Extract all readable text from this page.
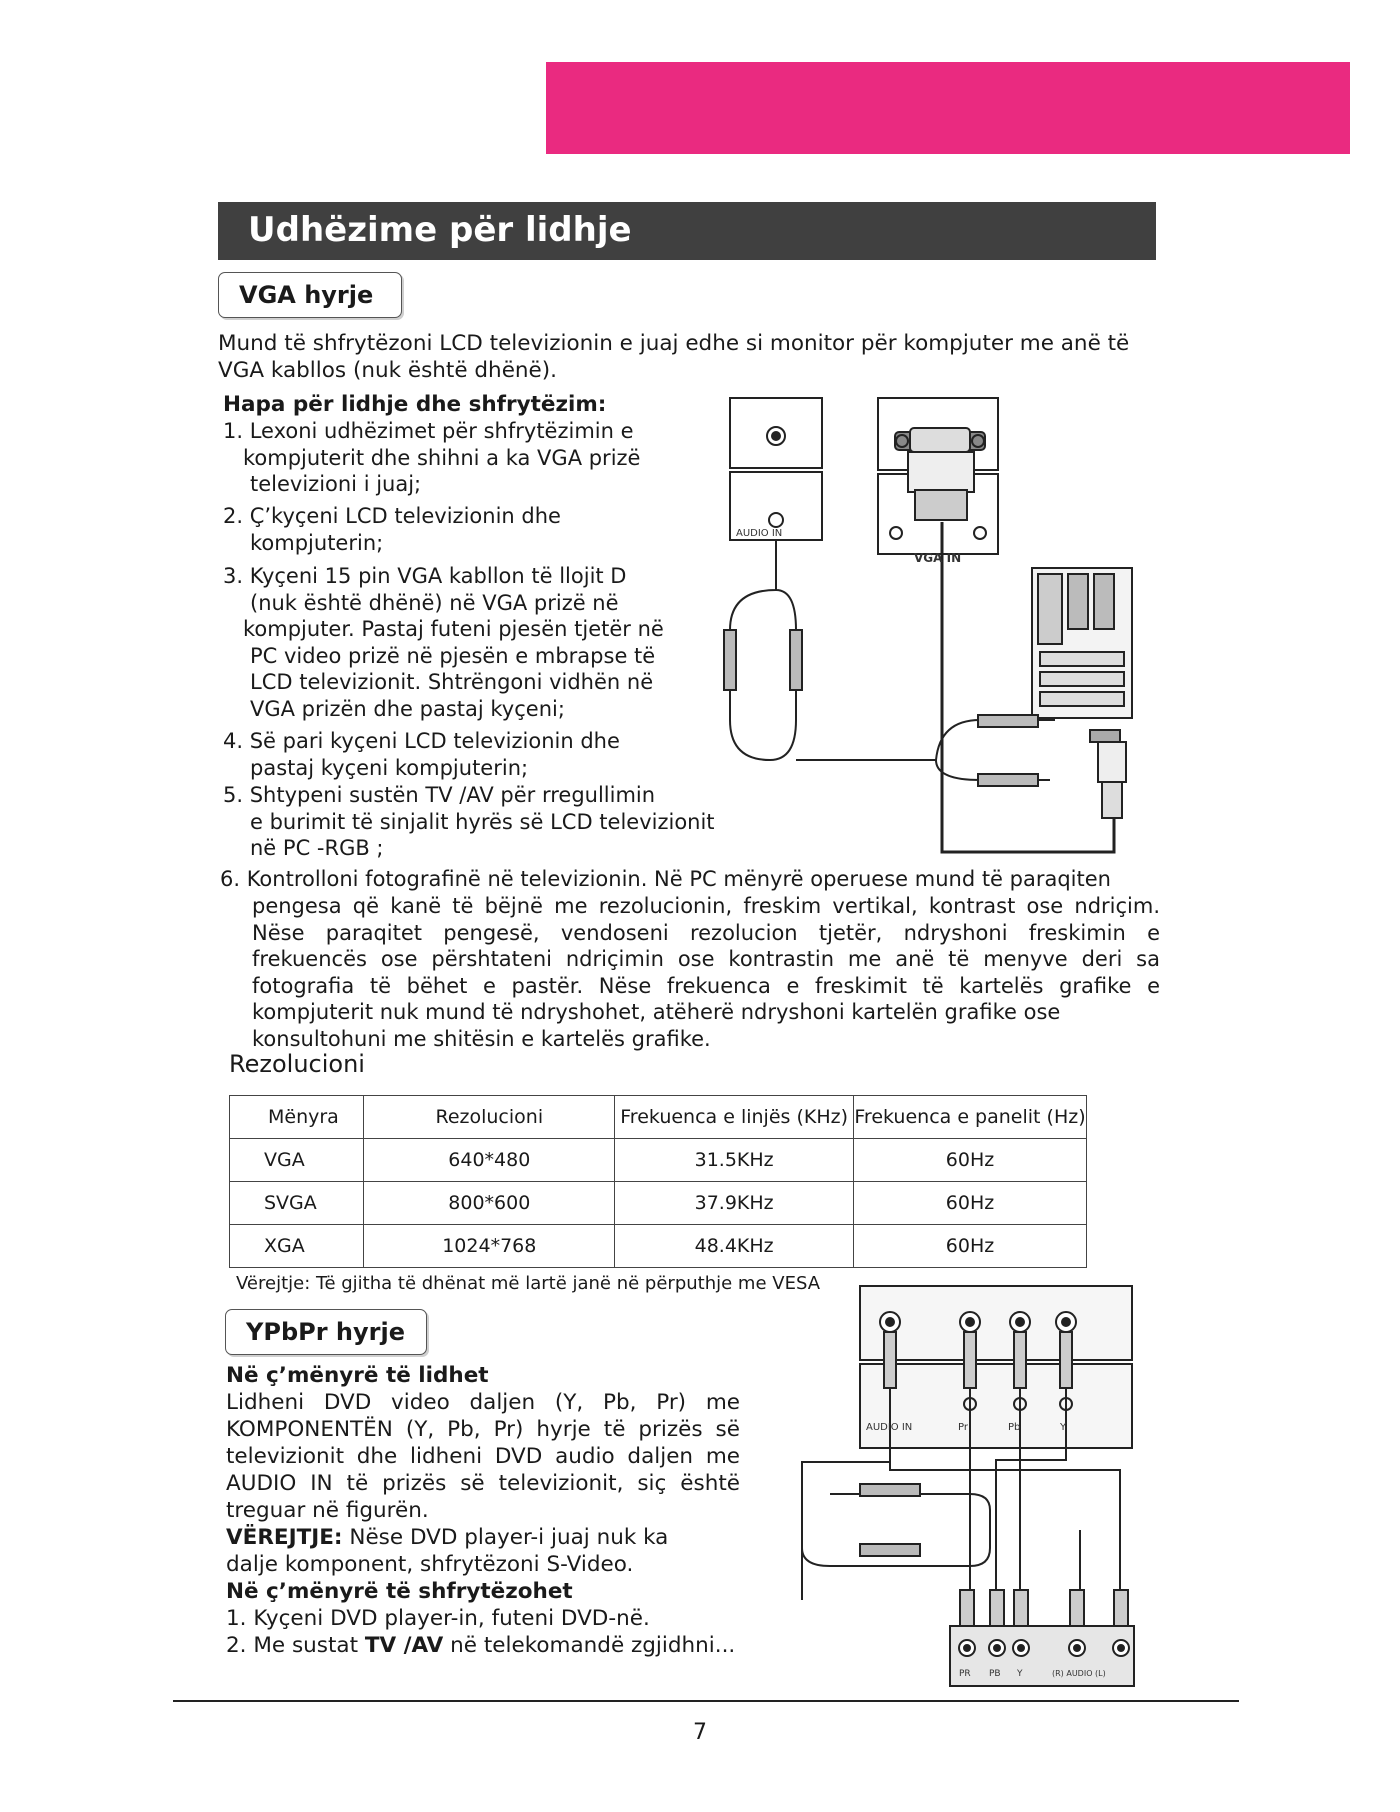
Udhëzime për lidhje
VGA hyrje
Mund të shfrytëzoni LCD televizionin e juaj edhe si monitor për kompjuter me anë të
VGA kabllos (nuk është dhënë).
Hapa për lidhje dhe shfrytëzim:
1. Lexoni udhëzimet për shfrytëzimin e
kompjuterit dhe shihni a ka VGA prizë
televizioni i juaj;
2. Ç’kyçeni LCD televizionin dhe
kompjuterin;
3. Kyçeni 15 pin VGA kabllon të llojit D
(nuk është dhënë) në VGA prizë në
kompjuter. Pastaj futeni pjesën tjetër në
PC video prizë në pjesën e mbrapse të
LCD televizionit. Shtrëngoni vidhën në
VGA prizën dhe pastaj kyçeni;
4. Së pari kyçeni LCD televizionin dhe
pastaj kyçeni kompjuterin;
5. Shtypeni sustën TV /AV për rregullimin
e burimit të sinjalit hyrës së LCD televizionit
në PC -RGB ;
6. Kontrolloni fotografinë në televizionin. Në PC mënyrë operuese mund të paraqiten
pengesa që kanë të bëjnë me rezolucionin, freskim vertikal, kontrast ose ndriçim. Nëse paraqitet pengesë, vendoseni rezolucion tjetër, ndryshoni freskimin e frekuencës ose përshtateni ndriçimin ose kontrastin me anë të menyve deri sa fotografia të bëhet e pastër. Nëse frekuenca e freskimit të kartelës grafike e kompjuterit nuk mund të ndryshohet, atëherë ndryshoni kartelën grafike ose
konsultohuni me shitësin e kartelës grafike.
AUDIO IN
VGA IN
Rezolucioni
Mënyra	Rezolucioni	Frekuenca e linjës (KHz)	Frekuenca e panelit (Hz)
VGA	640*480	31.5KHz	60Hz
SVGA	800*600	37.9KHz	60Hz
XGA	1024*768	48.4KHz	60Hz
Vërejtje: Të gjitha të dhënat më lartë janë në përputhje me VESA
YPbPr hyrje
Në ç’mënyrë të lidhet
Lidheni DVD video daljen (Y, Pb, Pr) me
KOMPONENTËN (Y, Pb, Pr) hyrje të prizës së
televizionit dhe lidheni DVD audio daljen me
AUDIO IN të prizës së televizionit, siç është
treguar në figurën.
VËREJTJE: Nëse DVD player-i juaj nuk ka
dalje komponent, shfrytëzoni S-Video.
Në ç’mënyrë të shfrytëzohet
1. Kyçeni DVD player-in, futeni DVD-në.
2. Me sustat TV /AV në telekomandë zgjidhni...
AUDIO IN	Pr	Pb	Y
PR PB Y	(R) AUDIO (L)
7
